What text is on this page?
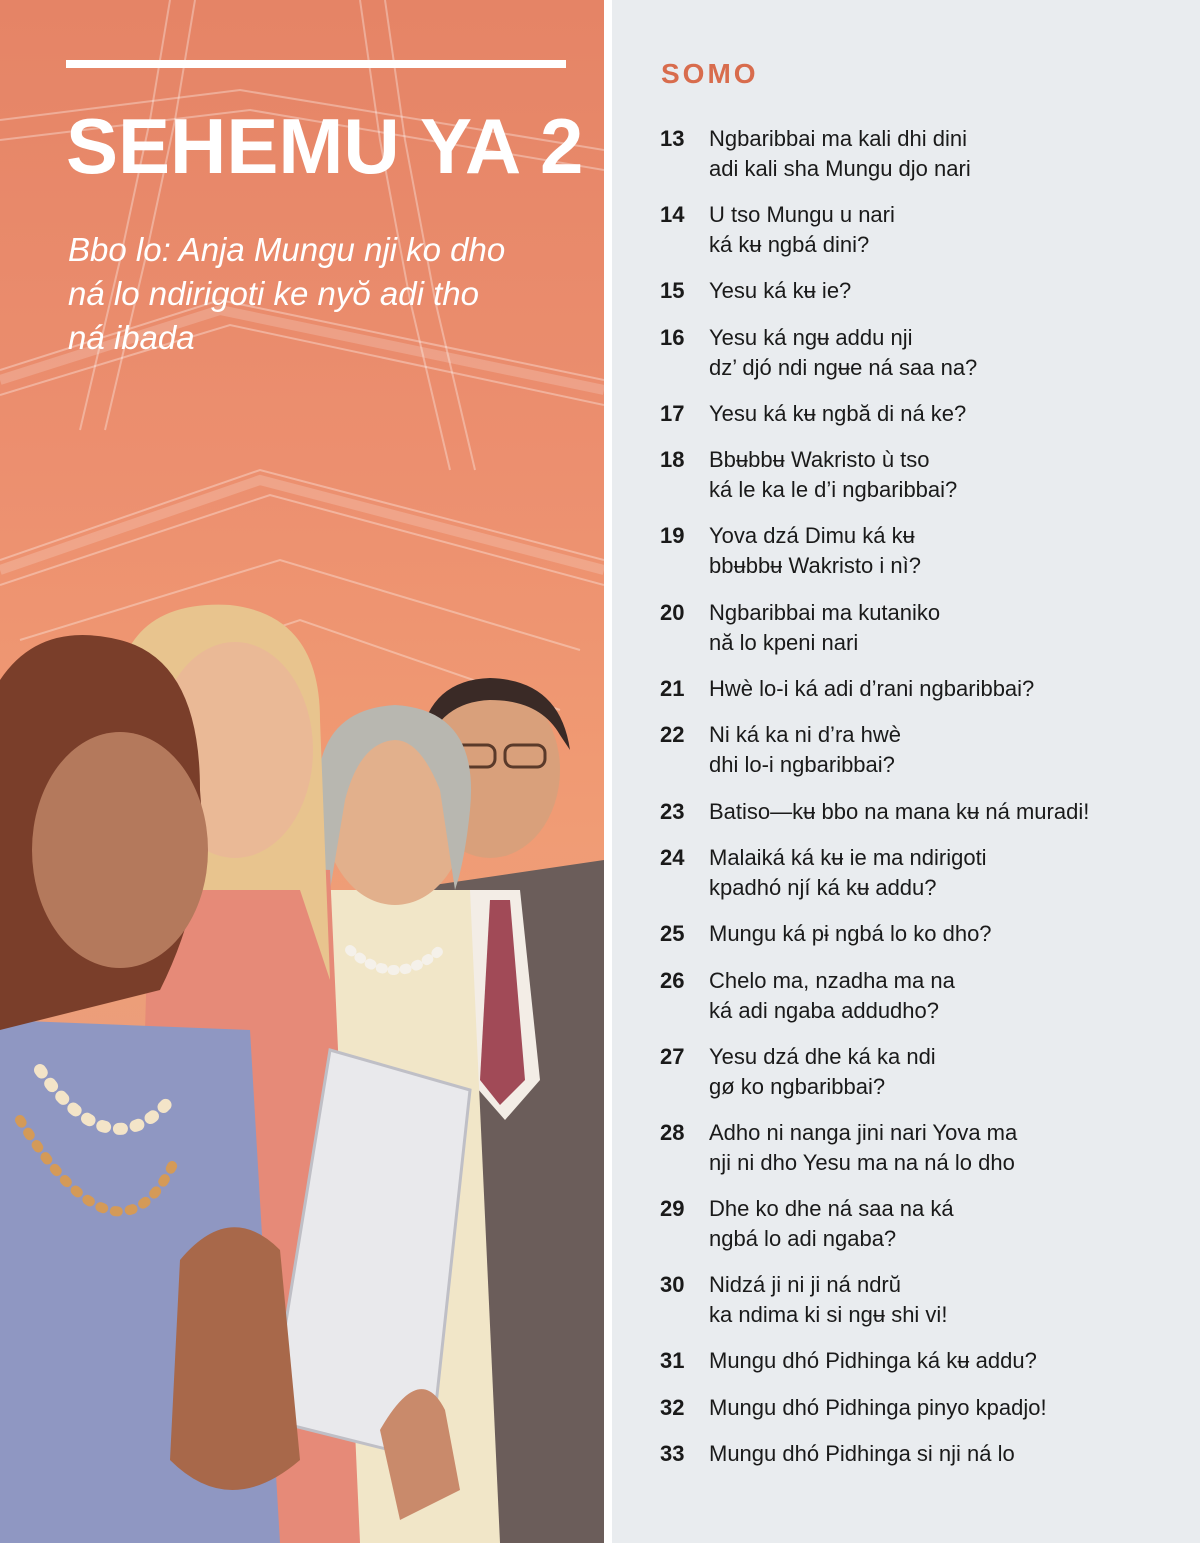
SEHEMU YA 2

Bbo lo: Anja Mungu nji ko dho ná lo ndirigoti ke nyŏ adi tho ná ibada

SOMO
13	Ngbaribbai ma kali dhi dini
adi kali sha Mungu djo nari
14	U tso Mungu u nari
ká kʉ ngbá dini?
15	Yesu ká kʉ ie?
16	Yesu ká ngʉ addu nji
dz’ djó ndi ngʉe ná saa na?
17	Yesu ká kʉ ngbă di ná ke?
18	Bbʉbbʉ Wakristo ù tso
ká le ka le d’i ngbaribbai?
19	Yova dzá Dimu ká kʉ
bbʉbbʉ Wakristo i nì?
20	Ngbaribbai ma kutaniko
nă lo kpeni nari
21	Hwè lo-i ká adi d’rani ngbaribbai?
22	Ni ká ka ni d’ra hwè
dhi lo-i ngbaribbai?
23	Batiso—kʉ bbo na mana kʉ ná muradi!
24	Malaiká ká kʉ ie ma ndirigoti
kpadhó njí ká kʉ addu?
25	Mungu ká pɨ ngbá lo ko dho?
26	Chelo ma, nzadha ma na
ká adi ngaba addudho?
27	Yesu dzá dhe ká ka ndi
gø ko ngbaribbai?
28	Adho ni nanga jini nari Yova ma
nji ni dho Yesu ma na ná lo dho
29	Dhe ko dhe ná saa na ká
ngbá lo adi ngaba?
30	Nidzá ji ni ji ná ndrŭ
ka ndima ki si ngʉ shi vi!
31	Mungu dhó Pidhinga ká kʉ addu?
32	Mungu dhó Pidhinga pinyo kpadjo!
33	Mungu dhó Pidhinga si nji ná lo
